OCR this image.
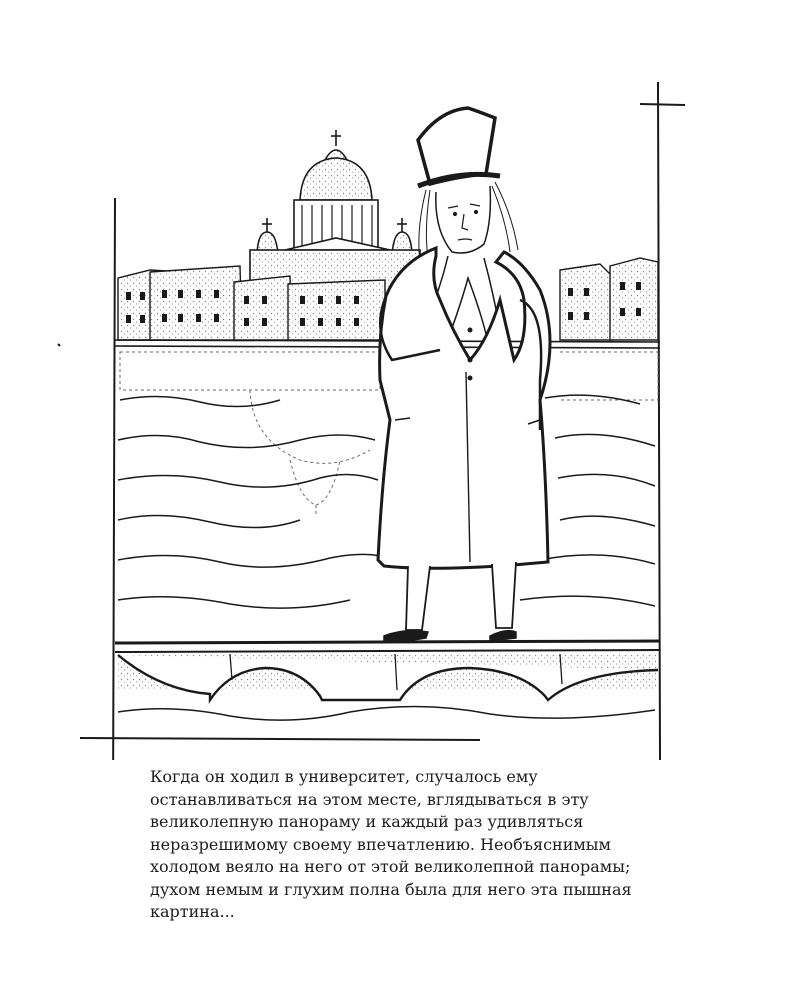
Когда он ходил в университет, случалось ему
останавливаться на этом месте, вглядываться в эту
великолепную панораму и каждый раз удивляться
неразрешимому своему впечатлению. Необъяснимым
холодом веяло на него от этой великолепной панорамы;
духом немым и глухим полна была для него эта пышная
картина...
